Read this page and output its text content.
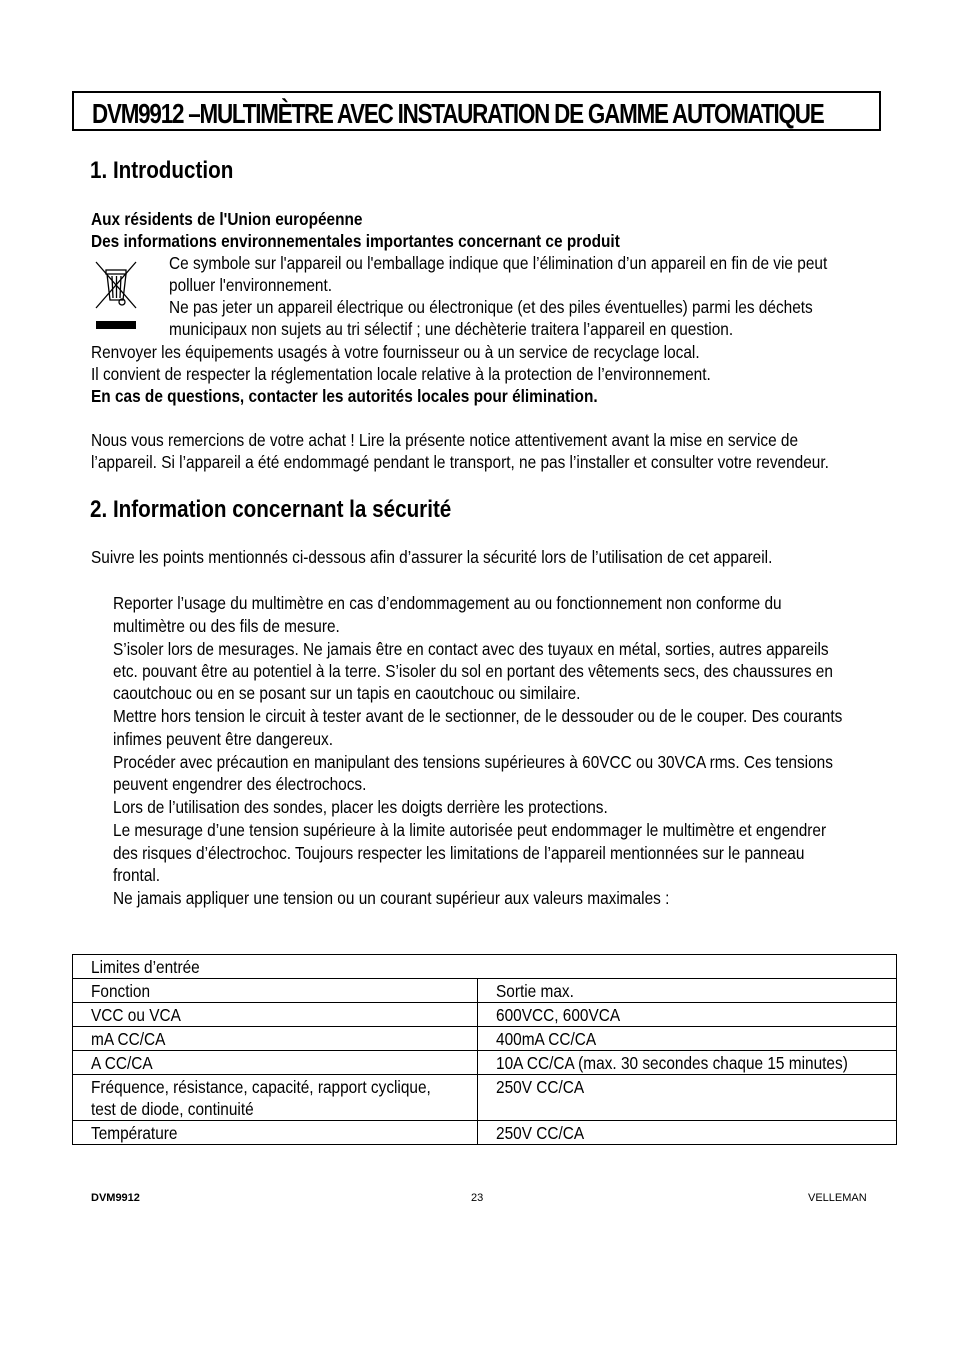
DVM9912 –MULTIMÈTRE AVEC INSTAURATION DE GAMME AUTOMATIQUE
1. Introduction
Aux résidents de l'Union européenne
Des informations environnementales importantes concernant ce produit
Ce symbole sur l'appareil ou l'emballage indique que l’élimination d’un appareil en fin de vie peut
polluer l'environnement.
Ne pas jeter un appareil électrique ou électronique (et des piles éventuelles) parmi les déchets
municipaux non sujets au tri sélectif ; une déchèterie traitera l’appareil en question.
Renvoyer les équipements usagés à votre fournisseur ou à un service de recyclage local.
Il convient de respecter la réglementation locale relative à la protection de l’environnement.
En cas de questions, contacter les autorités locales pour élimination.
Nous vous remercions de votre achat ! Lire la présente notice attentivement avant la mise en service de
l’appareil. Si l’appareil a été endommagé pendant le transport, ne pas l’installer et consulter votre revendeur.
2. Information concernant la sécurité
Suivre les points mentionnés ci-dessous afin d’assurer la sécurité lors de l’utilisation de cet appareil.
Reporter l’usage du multimètre en cas d’endommagement au ou fonctionnement non conforme du
multimètre ou des fils de mesure.
S’isoler lors de mesurages. Ne jamais être en contact avec des tuyaux en métal, sorties, autres appareils
etc. pouvant être au potentiel à la terre. S’isoler du sol en portant des vêtements secs, des chaussures en
caoutchouc ou en se posant sur un tapis en caoutchouc ou similaire.
Mettre hors tension le circuit à tester avant de le sectionner, de le dessouder ou de le couper. Des courants
infimes peuvent être dangereux.
Procéder avec précaution en manipulant des tensions supérieures à 60VCC ou 30VCA rms. Ces tensions
peuvent engendrer des électrochocs.
Lors de l’utilisation des sondes, placer les doigts derrière les protections.
Le mesurage d’une tension supérieure à la limite autorisée peut endommager le multimètre et engendrer
des risques d’électrochoc. Toujours respecter les limitations de l’appareil mentionnées sur le panneau
frontal.
Ne jamais appliquer une tension ou un courant supérieur aux valeurs maximales :
Limites d’entrée	

Fonction	Sortie max.

VCC ou VCA	600VCC, 600VCA

mA CC/CA	400mA CC/CA

A CC/CA	10A CC/CA (max. 30 secondes chaque 15 minutes)

Fréquence, résistance, capacité, rapport cyclique,
test de diode, continuité	250V CC/CA

Température	250V CC/CA
DVM9912	23	VELLEMAN
